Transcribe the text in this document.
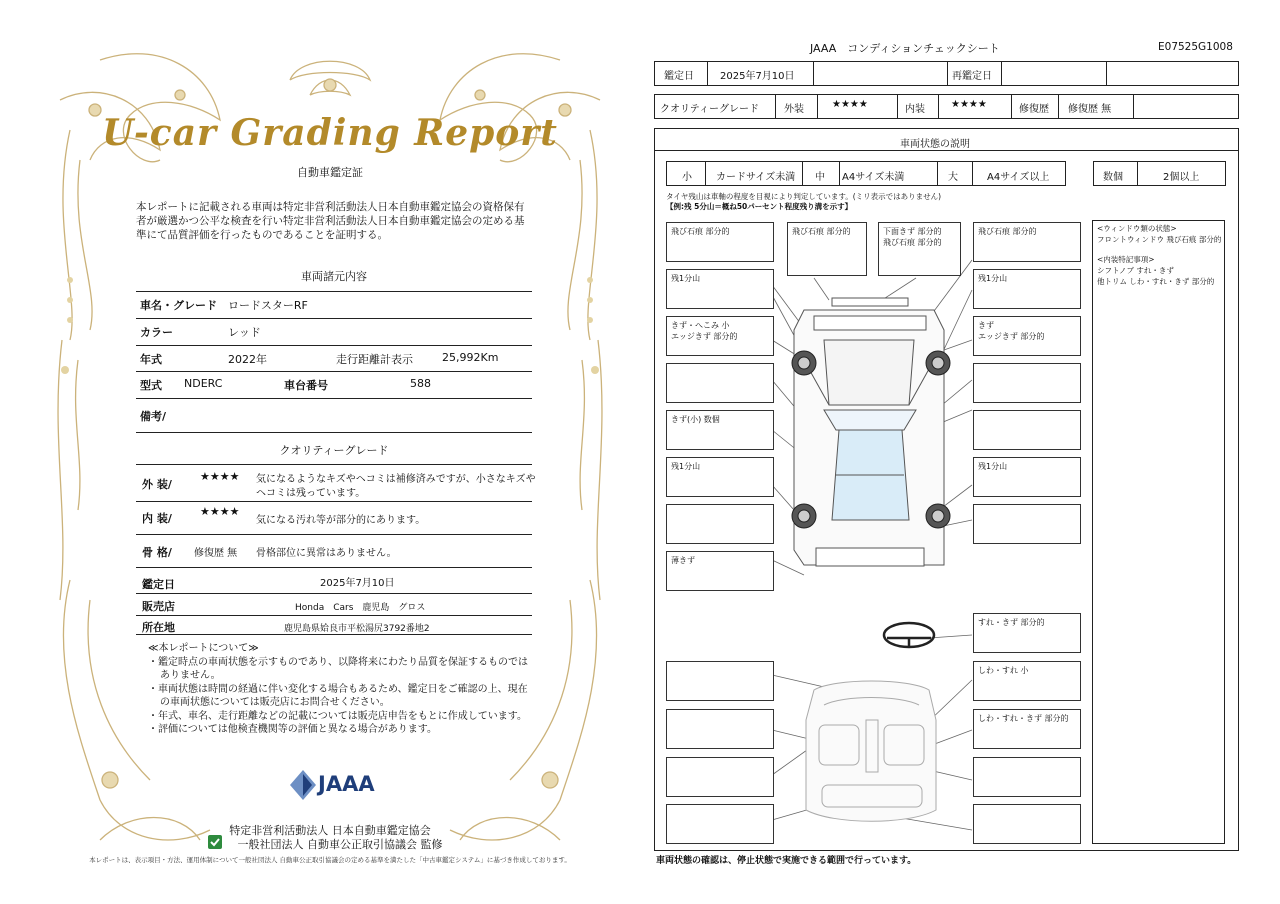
U-car Grading Report
自動車鑑定証
本レポートに記載される車両は特定非営利活動法人日本自動車鑑定協会の資格保有者が厳選かつ公平な検査を行い特定非営利活動法人日本自動車鑑定協会の定める基準にて品質評価を行ったものであることを証明する。
車両諸元内容
車名・グレード ロードスターRF
カラー	レッド
年式	2022年	走行距離計表示	25,992Km
型式 NDERC	車台番号	588
備考/
クオリティーグレード
外 装/
★★★★ 気になるようなキズやヘコミは補修済みですが、小さなキズや
ヘコミは残っています。
内 装/
★★★★
気になる汚れ等が部分的にあります。
骨 格/ 修復歴 無 骨格部位に異常はありません。
鑑定日	2025年7月10日
販売店	Honda　Cars　鹿児島　グロス
所在地	鹿児島県姶良市平松湯尻3792番地2
≪本レポートについて≫
・鑑定時点の車両状態を示すものであり、以降将来にわたり品質を保証するものではありません。
・車両状態は時間の経過に伴い変化する場合もあるため、鑑定日をご確認の上、現在の車両状態については販売店にお問合せください。
・年式、車名、走行距離などの記載については販売店申告をもとに作成しています。
・評価については他検査機関等の評価と異なる場合があります。
JAAA
特定非営利活動法人 日本自動車鑑定協会
一般社団法人 自動車公正取引協議会 監修
本レポートは、表示項目・方法、運用体制について一般社団法人 自動車公正取引協議会の定める基準を満たした「中古車鑑定システム」に基づき作成しております。
JAAA　コンディションチェックシート	E07525G1008
鑑定日	2025年7月10日	再鑑定日
クオリティーグレード	外装	★★★★	内装	★★★★	修復歴 修復歴 無
車両状態の説明
小 カードサイズ未満 中 A4サイズ未満	大	A4サイズ以上	数個	2個以上
タイヤ残山は車軸の程度を目視により判定しています。(ミリ表示ではありません)
【例:残 5分山＝概ね50パーセント程度残り溝を示す】
<ウィンドウ類の状態>
フロントウィンドウ 飛び石痕 部分的
<内装特記事項>
シフトノブ すれ・きず
他トリム しわ・すれ・きず 部分的
飛び石痕 部分的
残1分山
きず・へこみ 小
エッジきず 部分的
きず(小) 数個
残1分山
薄きず
飛び石痕 部分的	下面きず 部分的
飛び石痕 部分的
飛び石痕 部分的
残1分山
きず
エッジきず 部分的
残1分山
すれ・きず 部分的
しわ・すれ 小
しわ・すれ・きず 部分的
車両状態の確認は、停止状態で実施できる範囲で行っています。
